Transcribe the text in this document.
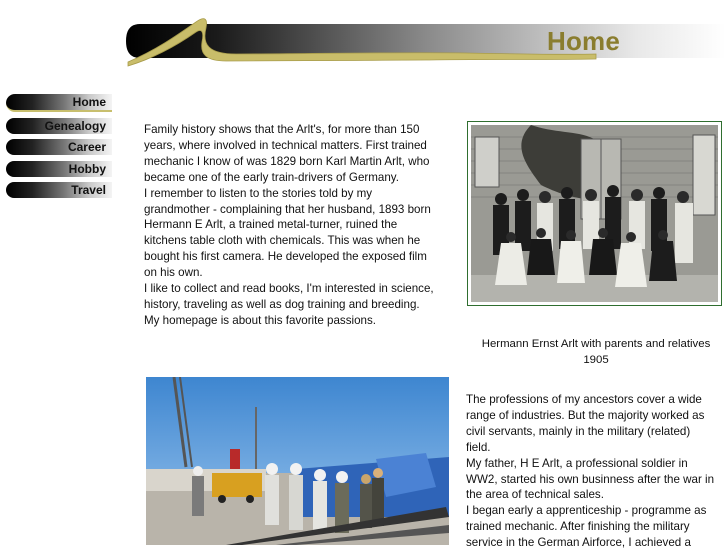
Home
Home
Genealogy
Career
Hobby
Travel

Family history shows that the Arlt's, for more than 150

years, where involved in technical matters. First trained

mechanic I know of was 1829 born Karl Martin Arlt, who

became one of the early train-drivers of Germany.

I remember to listen to the stories told by my

grandmother - complaining that her husband, 1893 born

Hermann E Arlt, a trained metal-turner, ruined the

kitchens table cloth with chemicals. This was when he

bought his first camera. He developed the exposed film

on his own.

I like to collect and read books, I'm interested in science,

history, traveling as well as dog training and breeding.

My homepage is about this favorite passions.

Hermann Ernst Arlt with parents and relatives

1905

The professions of my ancestors cover a wide

range of industries. But the majority worked as

civil servants, mainly in the military (related)

field.

My father, H E Arlt, a professional soldier in

WW2, started his own businness after the war in

the area of technical sales.

I began early a apprenticeship - programme as

trained mechanic. After finishing the military

service in the German Airforce, I achieved a
